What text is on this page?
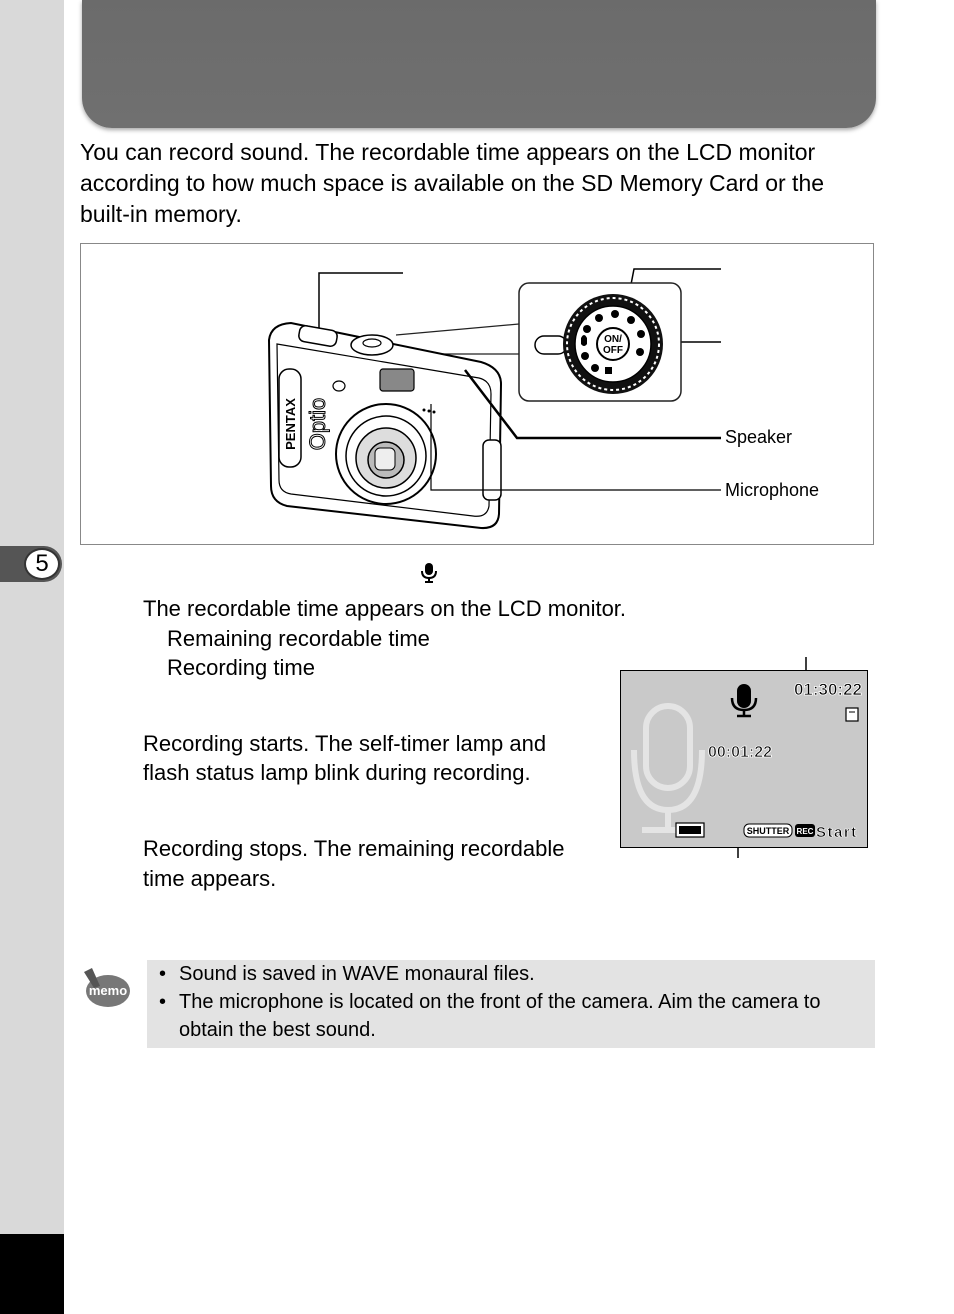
5
You can record sound. The recordable time appears on the LCD monitor according to how much space is available on the SD Memory Card or the built-in memory.
ON/
OFF
PENTAX Optio	Speaker
Microphone
The recordable time appears on the LCD monitor.
Remaining recordable time
Recording time
Recording starts. The self-timer lamp and
flash status lamp blink during recording.
Recording stops. The remaining recordable
time appears.
SHUTTER REC Start
01:30:22
00:01:22
memo
• Sound is saved in WAVE monaural files.
• The microphone is located on the front of the camera. Aim the camera to obtain the best sound.
